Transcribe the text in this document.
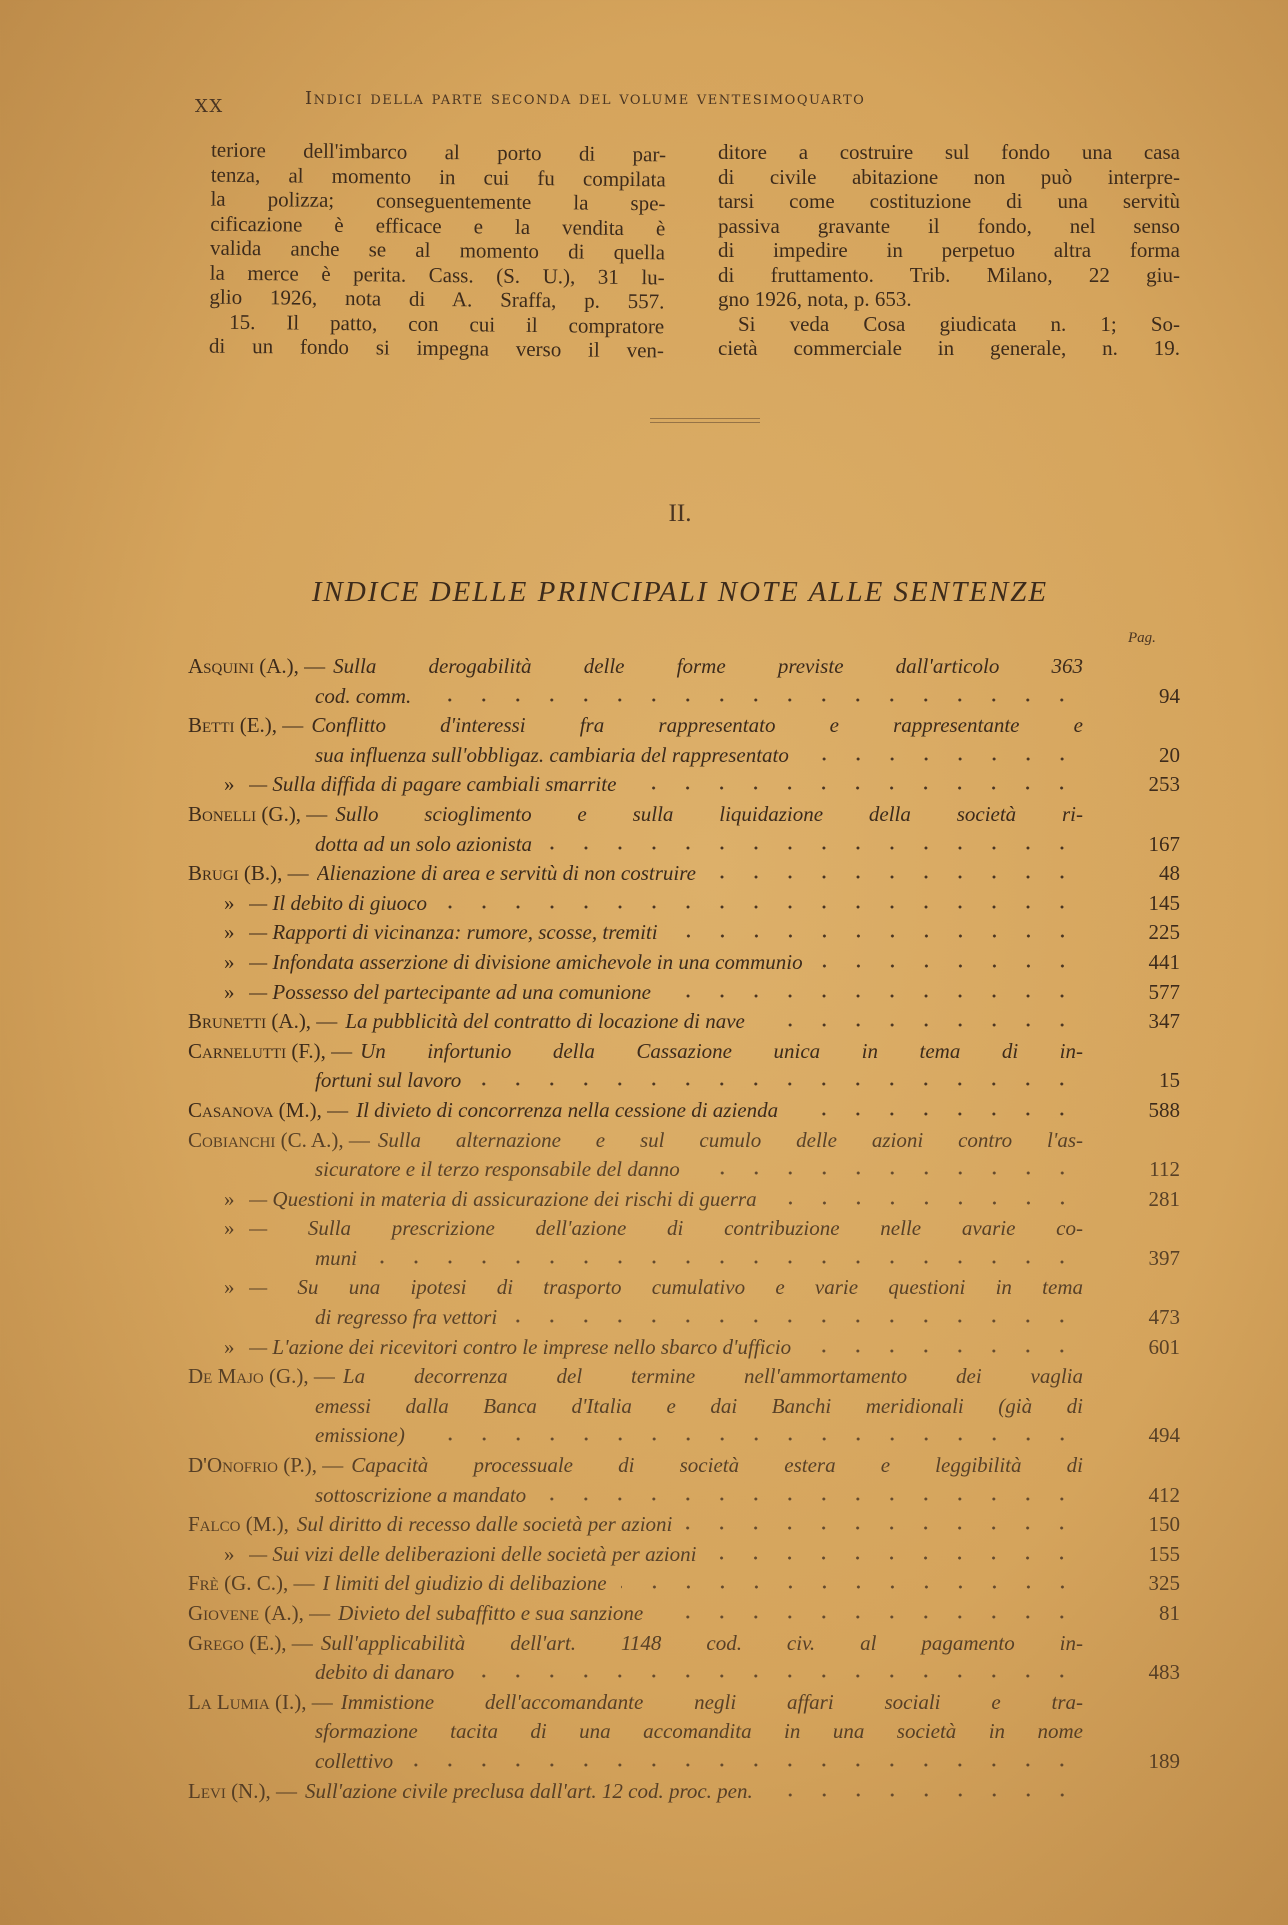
XX	Indici della parte seconda del volume ventesimoquarto
teriore dell'imbarco al porto di par-
tenza, al momento in cui fu compilata
la polizza; conseguentemente la spe-
cificazione è efficace e la vendita è
valida anche se al momento di quella
la merce è perita. Cass. (S. U.), 31 lu-
glio 1926, nota di A. Sraffa, p. 557.
15. Il patto, con cui il compratore
di un fondo si impegna verso il ven-
ditore a costruire sul fondo una casa
di civile abitazione non può interpre-
tarsi come costituzione di una servitù
passiva gravante il fondo, nel senso
di impedire in perpetuo altra forma
di fruttamento. Trib. Milano, 22 giu-
gno 1926, nota, p. 653.
Si veda Cosa giudicata n. 1; So-
cietà commerciale in generale, n. 19.
II.
INDICE DELLE PRINCIPALI NOTE ALLE SENTENZE
Pag.
Asquini (A.), — Sulla derogabilità delle forme previste dall'articolo 363
cod. comm.	94
Betti (E.), — Conflitto d'interessi fra rappresentato e rappresentante e
sua influenza sull'obbligaz. cambiaria del rappresentato	20
» — Sulla diffida di pagare cambiali smarrite	253
Bonelli (G.), — Sullo scioglimento e sulla liquidazione della società ri-
dotta ad un solo azionista	167
Brugi (B.), — Alienazione di area e servitù di non costruire	48
» — Il debito di giuoco	145
» — Rapporti di vicinanza: rumore, scosse, tremiti	225
» — Infondata asserzione di divisione amichevole in una communio	441
» — Possesso del partecipante ad una comunione	577
Brunetti (A.), — La pubblicità del contratto di locazione di nave	347
Carnelutti (F.), — Un infortunio della Cassazione unica in tema di in-
fortuni sul lavoro	15
Casanova (M.), — Il divieto di concorrenza nella cessione di azienda	588
Cobianchi (C. A.), — Sulla alternazione e sul cumulo delle azioni contro l'as-
sicuratore e il terzo responsabile del danno	112
» — Questioni in materia di assicurazione dei rischi di guerra	281
» — Sulla prescrizione dell'azione di contribuzione nelle avarie co-
muni	397
» — Su una ipotesi di trasporto cumulativo e varie questioni in tema
di regresso fra vettori	473
» — L'azione dei ricevitori contro le imprese nello sbarco d'ufficio	601
De Majo (G.), — La decorrenza del termine nell'ammortamento dei vaglia
emessi dalla Banca d'Italia e dai Banchi meridionali (già di
emissione)	494
D'Onofrio (P.), — Capacità processuale di società estera e leggibilità di
sottoscrizione a mandato	412
Falco (M.), Sul diritto di recesso dalle società per azioni	150
» — Sui vizi delle deliberazioni delle società per azioni	155
Frè (G. C.), — I limiti del giudizio di delibazione	325
Giovene (A.), — Divieto del subaffitto e sua sanzione	81
Grego (E.), — Sull'applicabilità dell'art. 1148 cod. civ. al pagamento in-
debito di danaro	483
La Lumia (I.), — Immistione dell'accomandante negli affari sociali e tra-
sformazione tacita di una accomandita in una società in nome
collettivo	189
Levi (N.), — Sull'azione civile preclusa dall'art. 12 cod. proc. pen.
